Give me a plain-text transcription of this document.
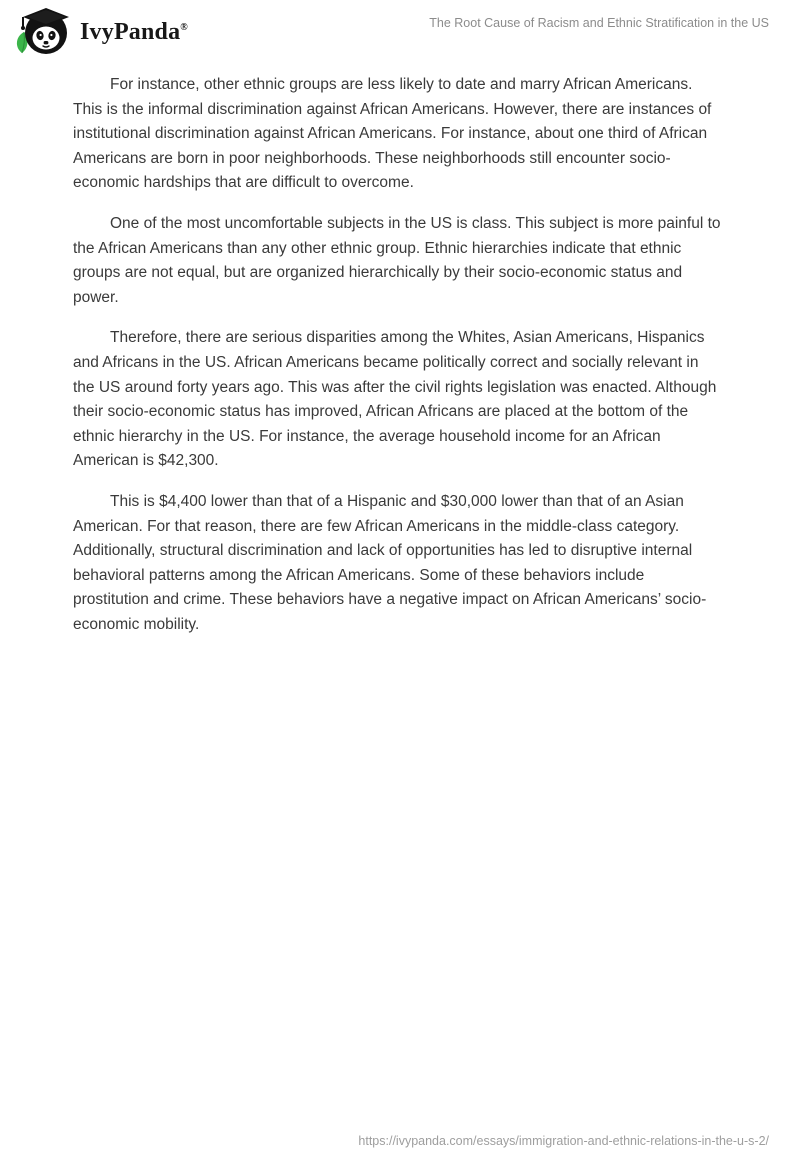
IvyPanda®	The Root Cause of Racism and Ethnic Stratification in the US

For instance, other ethnic groups are less likely to date and marry African Americans. This is the informal discrimination against African Americans. However, there are instances of institutional discrimination against African Americans. For instance, about one third of African Americans are born in poor neighborhoods. These neighborhoods still encounter socio-economic hardships that are difficult to overcome.

One of the most uncomfortable subjects in the US is class. This subject is more painful to the African Americans than any other ethnic group. Ethnic hierarchies indicate that ethnic groups are not equal, but are organized hierarchically by their socio-economic status and power.

Therefore, there are serious disparities among the Whites, Asian Americans, Hispanics and Africans in the US. African Americans became politically correct and socially relevant in the US around forty years ago. This was after the civil rights legislation was enacted. Although their socio-economic status has improved, African Africans are placed at the bottom of the ethnic hierarchy in the US. For instance, the average household income for an African American is $42,300.

This is $4,400 lower than that of a Hispanic and $30,000 lower than that of an Asian American. For that reason, there are few African Americans in the middle-class category. Additionally, structural discrimination and lack of opportunities has led to disruptive internal behavioral patterns among the African Americans. Some of these behaviors include prostitution and crime. These behaviors have a negative impact on African Americans’ socio-economic mobility.

https://ivypanda.com/essays/immigration-and-ethnic-relations-in-the-u-s-2/
